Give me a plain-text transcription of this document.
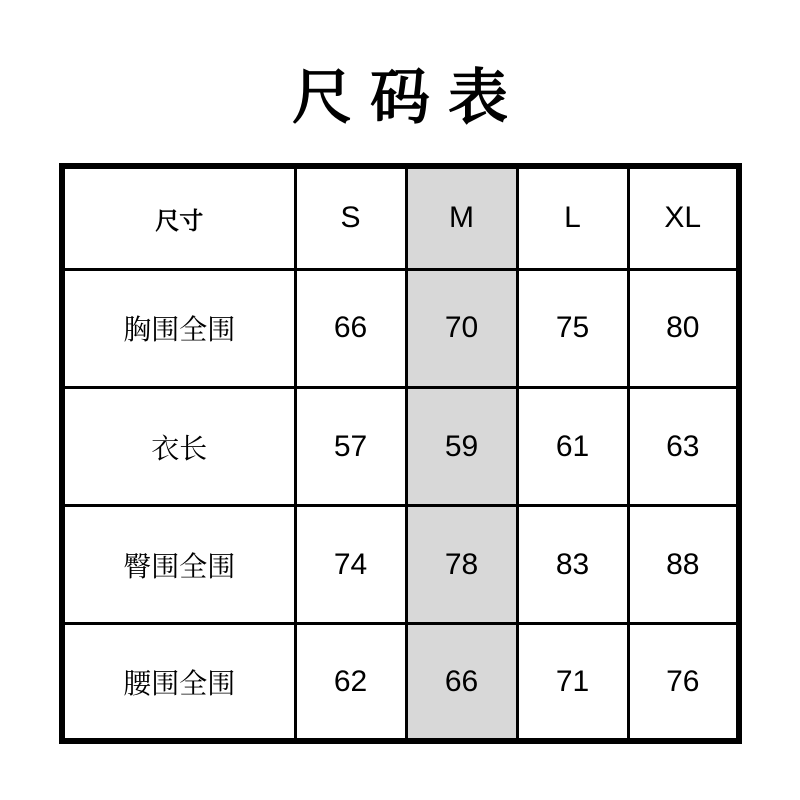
尺码表
尺寸	S	M	L	XL
胸围全围	66	70	75	80
衣长	57	59	61	63
臀围全围	74	78	83	88
腰围全围	62	66	71	76
